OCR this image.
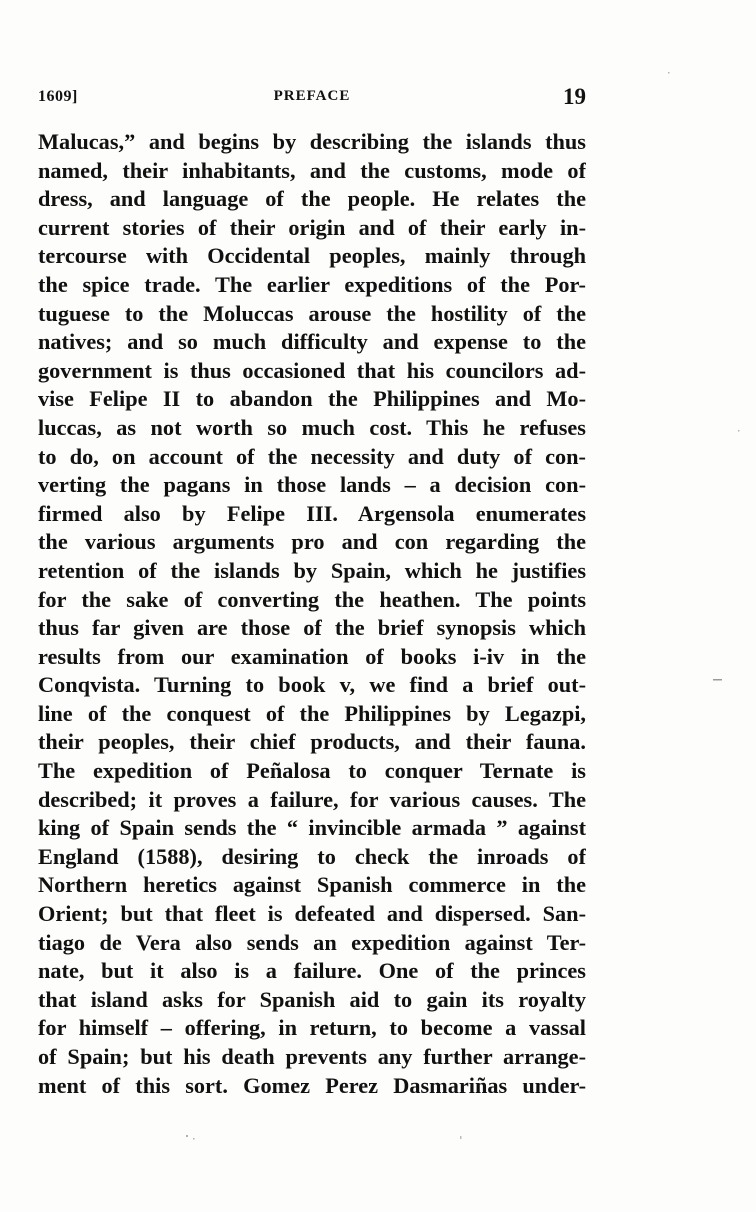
1609]	PREFACE	19
Malucas,” and begins by describing the islands thus
named, their inhabitants, and the customs, mode of
dress, and language of the people. He relates the
current stories of their origin and of their early in-
tercourse with Occidental peoples, mainly through
the spice trade. The earlier expeditions of the Por-
tuguese to the Moluccas arouse the hostility of the
natives; and so much difficulty and expense to the
government is thus occasioned that his councilors ad-
vise Felipe II to abandon the Philippines and Mo-
luccas, as not worth so much cost. This he refuses
to do, on account of the necessity and duty of con-
verting the pagans in those lands – a decision con-
firmed also by Felipe III. Argensola enumerates
the various arguments pro and con regarding the
retention of the islands by Spain, which he justifies
for the sake of converting the heathen. The points
thus far given are those of the brief synopsis which
results from our examination of books i-iv in the
Conqvista. Turning to book v, we find a brief out-
line of the conquest of the Philippines by Legazpi,
their peoples, their chief products, and their fauna.
The expedition of Peñalosa to conquer Ternate is
described; it proves a failure, for various causes. The
king of Spain sends the “ invincible armada ” against
England (1588), desiring to check the inroads of
Northern heretics against Spanish commerce in the
Orient; but that fleet is defeated and dispersed. San-
tiago de Vera also sends an expedition against Ter-
nate, but it also is a failure. One of the princes
that island asks for Spanish aid to gain its royalty
for himself – offering, in return, to become a vassal
of Spain; but his death prevents any further arrange-
ment of this sort. Gomez Perez Dasmariñas under-
